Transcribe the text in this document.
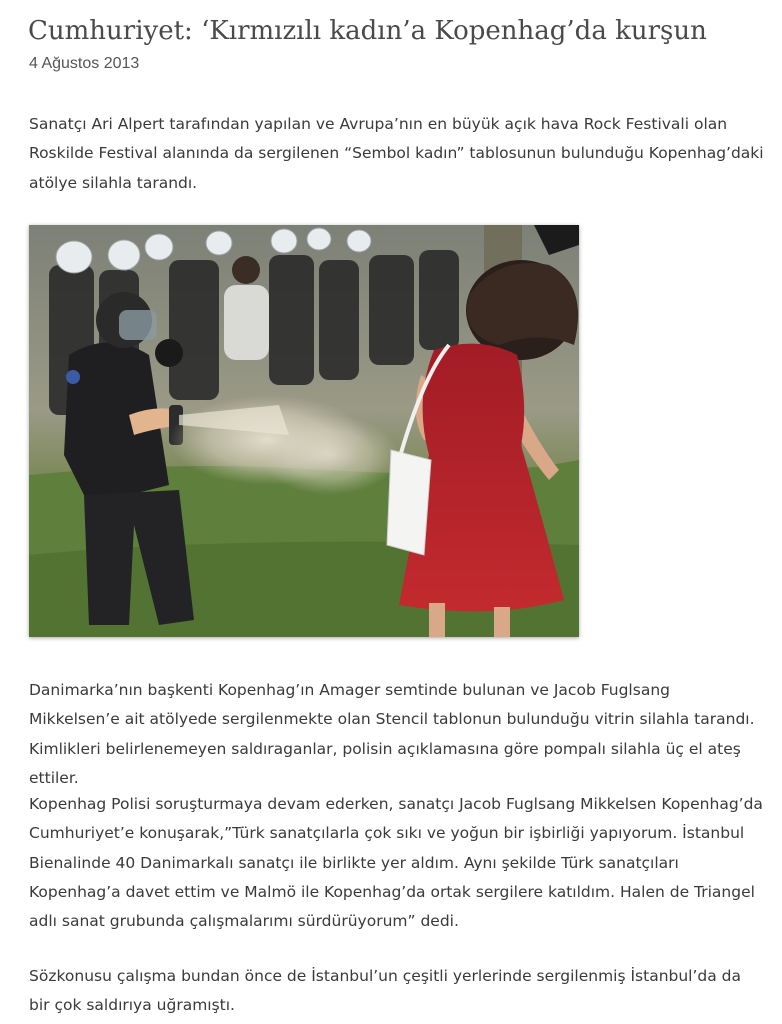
Cumhuriyet: ‘Kırmızılı kadın’a Kopenhag’da kurşun
4 Ağustos 2013

Sanatçı Ari Alpert tarafından yapılan ve Avrupa’nın en büyük açık hava Rock Festivali olan Roskilde Festival alanında da sergilenen “Sembol kadın” tablosunun bulunduğu Kopenhag’daki atölye silahla tarandı.

Danimarka’nın başkenti Kopenhag’ın Amager semtinde bulunan ve Jacob Fuglsang Mikkelsen’e ait atölyede sergilenmekte olan Stencil tablonun bulunduğu vitrin silahla tarandı. Kimlikleri belirlenemeyen saldıraganlar, polisin açıklamasına göre pompalı silahla üç el ateş ettiler.

Kopenhag Polisi soruşturmaya devam ederken, sanatçı Jacob Fuglsang Mikkelsen Kopenhag’da Cumhuriyet’e konuşarak,”Türk sanatçılarla çok sıkı ve yoğun bir işbirliği yapıyorum. İstanbul Bienalinde 40 Danimarkalı sanatçı ile birlikte yer aldım. Aynı şekilde Türk sanatçıları Kopenhag’a davet ettim ve Malmö ile Kopenhag’da ortak sergilere katıldım. Halen de Triangel adlı sanat grubunda çalışmalarımı sürdürüyorum” dedi.

Sözkonusu çalışma bundan önce de İstanbul’un çeşitli yerlerinde sergilenmiş İstanbul’da da bir çok saldırıya uğramıştı.
